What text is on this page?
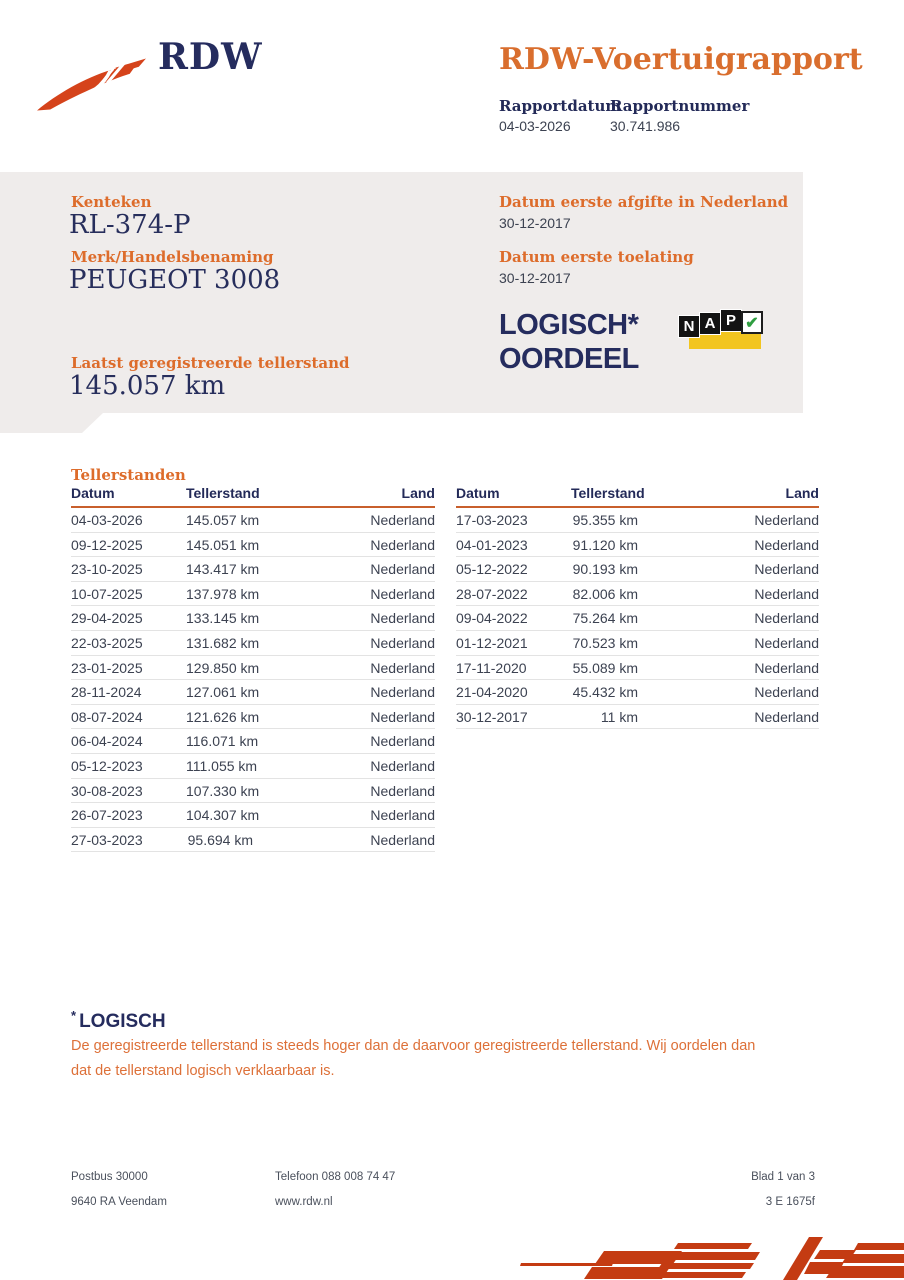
RDW	RDW-Voertuigrapport
Rapportdatum
Rapportnummer
04-03-2026	30.741.986
Kenteken
RL-374-P
Merk/Handelsbenaming
PEUGEOT 3008
Laatst geregistreerde tellerstand
145.057 km
Datum eerste afgifte in Nederland
30-12-2017
Datum eerste toelating
30-12-2017
LOGISCH*
OORDEEL
N A P ✔
Tellerstanden
Datum	Tellerstand	Land
04-03-2026	145.057 km	Nederland
09-12-2025	145.051 km	Nederland
23-10-2025	143.417 km	Nederland
10-07-2025	137.978 km	Nederland
29-04-2025	133.145 km	Nederland
22-03-2025	131.682 km	Nederland
23-01-2025	129.850 km	Nederland
28-11-2024	127.061 km	Nederland
08-07-2024	121.626 km	Nederland
06-04-2024	116.071 km	Nederland
05-12-2023	111.055 km	Nederland
30-08-2023	107.330 km	Nederland
26-07-2023	104.307 km	Nederland
27-03-2023	95.694 km	Nederland
Datum	Tellerstand	Land
17-03-2023	95.355 km	Nederland
04-01-2023	91.120 km	Nederland
05-12-2022	90.193 km	Nederland
28-07-2022	82.006 km	Nederland
09-04-2022	75.264 km	Nederland
01-12-2021	70.523 km	Nederland
17-11-2020	55.089 km	Nederland
21-04-2020	45.432 km	Nederland
30-12-2017	11 km	Nederland
* LOGISCH
De geregistreerde tellerstand is steeds hoger dan de daarvoor geregistreerde tellerstand. Wij oordelen dan dat de tellerstand logisch verklaarbaar is.
Postbus 30000
9640 RA Veendam
Telefoon 088 008 74 47
www.rdw.nl
Blad 1 van 3
3 E 1675f
